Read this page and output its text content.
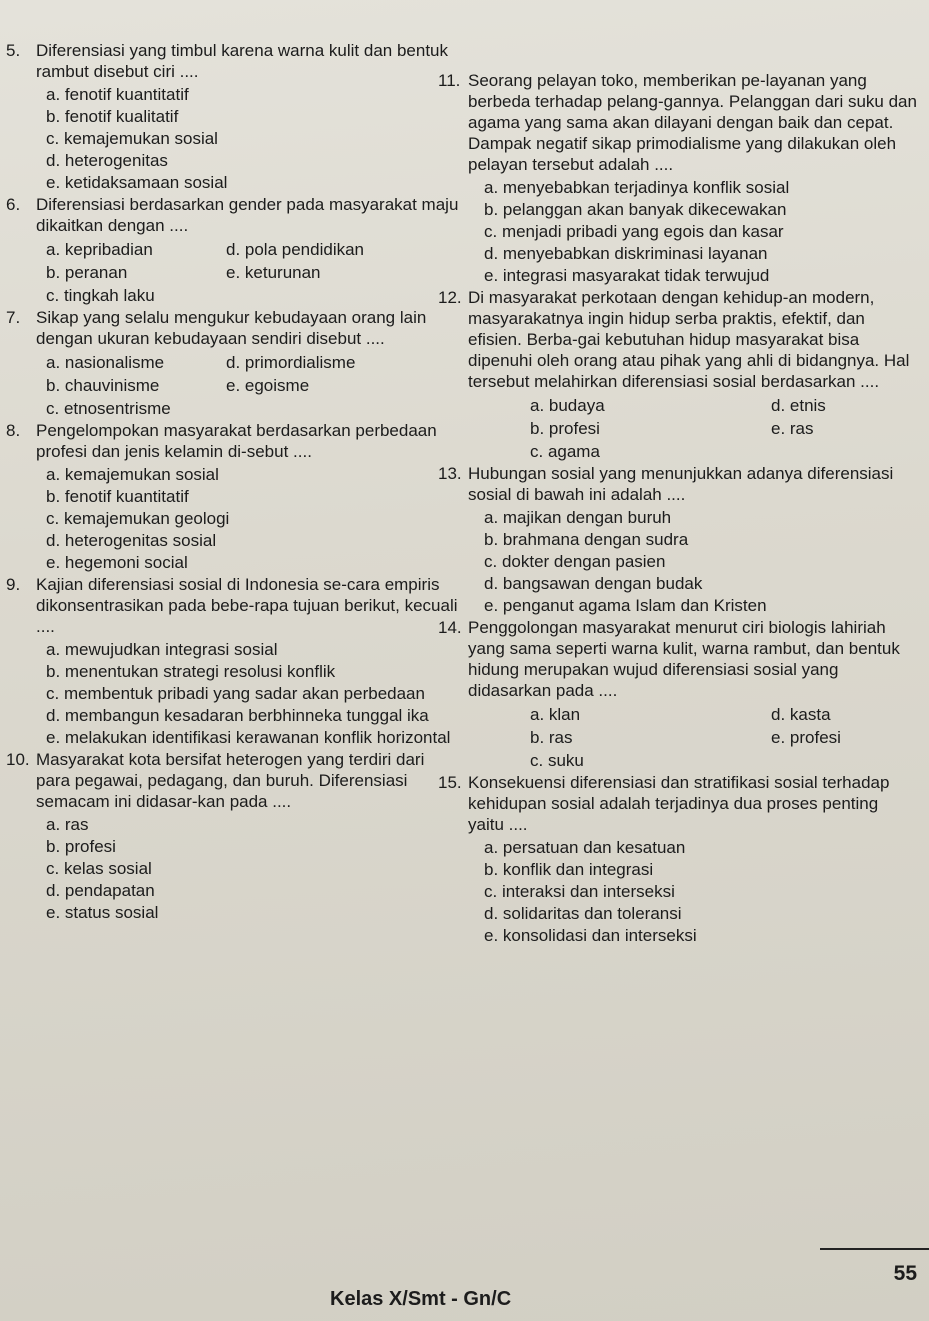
5. Diferensiasi yang timbul karena warna kulit dan bentuk rambut disebut ciri ....
a. fenotif kuantitatif
b. fenotif kualitatif
c. kemajemukan sosial
d. heterogenitas
e. ketidaksamaan sosial
6. Diferensiasi berdasarkan gender pada masyarakat maju dikaitkan dengan ....
a. kepribadian	d. pola pendidikan
b. peranan	e. keturunan
c. tingkah laku
7. Sikap yang selalu mengukur kebudayaan orang lain dengan ukuran kebudayaan sendiri disebut ....
a. nasionalisme	d. primordialisme
b. chauvinisme	e. egoisme
c. etnosentrisme
8. Pengelompokan masyarakat berdasarkan perbedaan profesi dan jenis kelamin di-sebut ....
a. kemajemukan sosial
b. fenotif kuantitatif
c. kemajemukan geologi
d. heterogenitas sosial
e. hegemoni social
9. Kajian diferensiasi sosial di Indonesia se-cara empiris dikonsentrasikan pada bebe-rapa tujuan berikut, kecuali ....
a. mewujudkan integrasi sosial
b. menentukan strategi resolusi konflik
c. membentuk pribadi yang sadar akan perbedaan
d. membangun kesadaran berbhinneka tunggal ika
e. melakukan identifikasi kerawanan konflik horizontal
10. Masyarakat kota bersifat heterogen yang terdiri dari para pegawai, pedagang, dan buruh. Diferensiasi semacam ini didasar-kan pada ....
a. ras
b. profesi
c. kelas sosial
d. pendapatan
e. status sosial
11. Seorang pelayan toko, memberikan pe-layanan yang berbeda terhadap pelang-gannya. Pelanggan dari suku dan agama yang sama akan dilayani dengan baik dan cepat. Dampak negatif sikap primodialisme yang dilakukan oleh pelayan tersebut adalah ....
a. menyebabkan terjadinya konflik sosial
b. pelanggan akan banyak dikecewakan
c. menjadi pribadi yang egois dan kasar
d. menyebabkan diskriminasi layanan
e. integrasi masyarakat tidak terwujud
12. Di masyarakat perkotaan dengan kehidup-an modern, masyarakatnya ingin hidup serba praktis, efektif, dan efisien. Berba-gai kebutuhan hidup masyarakat bisa dipenuhi oleh orang atau pihak yang ahli di bidangnya. Hal tersebut melahirkan diferensiasi sosial berdasarkan ....
a. budaya	d. etnis
b. profesi	e. ras
c. agama
13. Hubungan sosial yang menunjukkan adanya diferensiasi sosial di bawah ini adalah ....
a. majikan dengan buruh
b. brahmana dengan sudra
c. dokter dengan pasien
d. bangsawan dengan budak
e. penganut agama Islam dan Kristen
14. Penggolongan masyarakat menurut ciri biologis lahiriah yang sama seperti warna kulit, warna rambut, dan bentuk hidung merupakan wujud diferensiasi sosial yang didasarkan pada ....
a. klan	d. kasta
b. ras	e. profesi
c. suku
15. Konsekuensi diferensiasi dan stratifikasi sosial terhadap kehidupan sosial adalah terjadinya dua proses penting yaitu ....
a. persatuan dan kesatuan
b. konflik dan integrasi
c. interaksi dan interseksi
d. solidaritas dan toleransi
e. konsolidasi dan interseksi
Kelas X/Smt - Gn/C
55
